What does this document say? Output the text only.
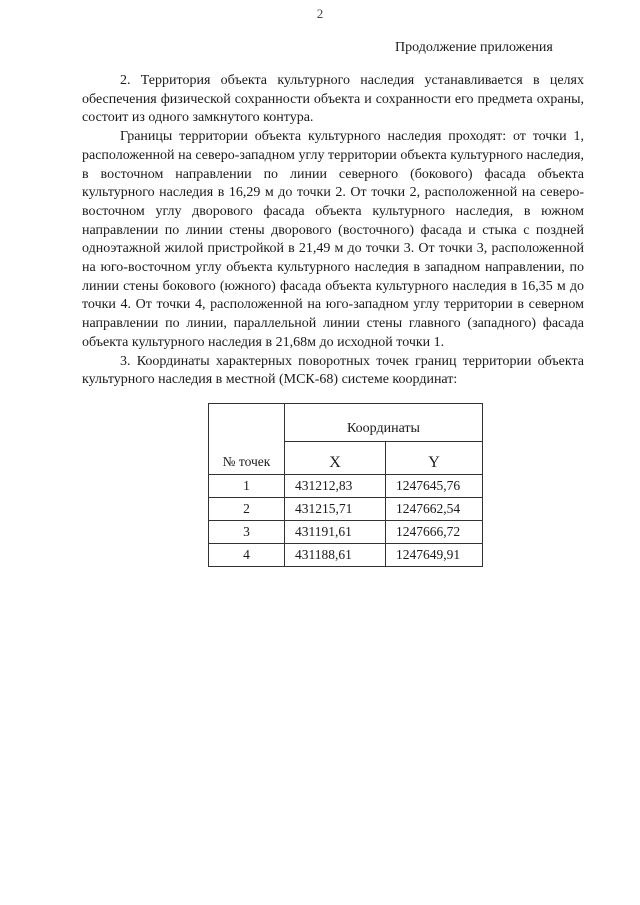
2
Продолжение приложения

2. Территория объекта культурного наследия устанавливается в целях обеспечения физической сохранности объекта и сохранности его предмета охраны, состоит из одного замкнутого контура.

Границы территории объекта культурного наследия проходят: от точки 1, расположенной на северо-западном углу территории объекта культурного наследия, в восточном направлении по линии северного (бокового) фасада объекта культурного наследия в 16,29 м до точки 2. От точки 2, расположенной на северо-восточном углу дворового фасада объекта культурного наследия, в южном направлении по линии стены дворового (восточного) фасада и стыка с поздней одноэтажной жилой пристройкой в 21,49 м до точки 3. От точки 3, расположенной на юго-восточном углу объекта культурного наследия в западном направлении, по линии стены бокового (южного) фасада объекта культурного наследия в 16,35 м до точки 4. От точки 4, расположенной на юго-западном углу территории в северном направлении по линии, параллельной линии стены главного (западного) фасада объекта культурного наследия в 21,68м до исходной точки 1.

3. Координаты характерных поворотных точек границ территории объекта культурного наследия в местной (МСК-68) системе координат:

№ точек	Координаты	
	X	Y
1	431212,83	1247645,76
2	431215,71	1247662,54
3	431191,61	1247666,72
4	431188,61	1247649,91
